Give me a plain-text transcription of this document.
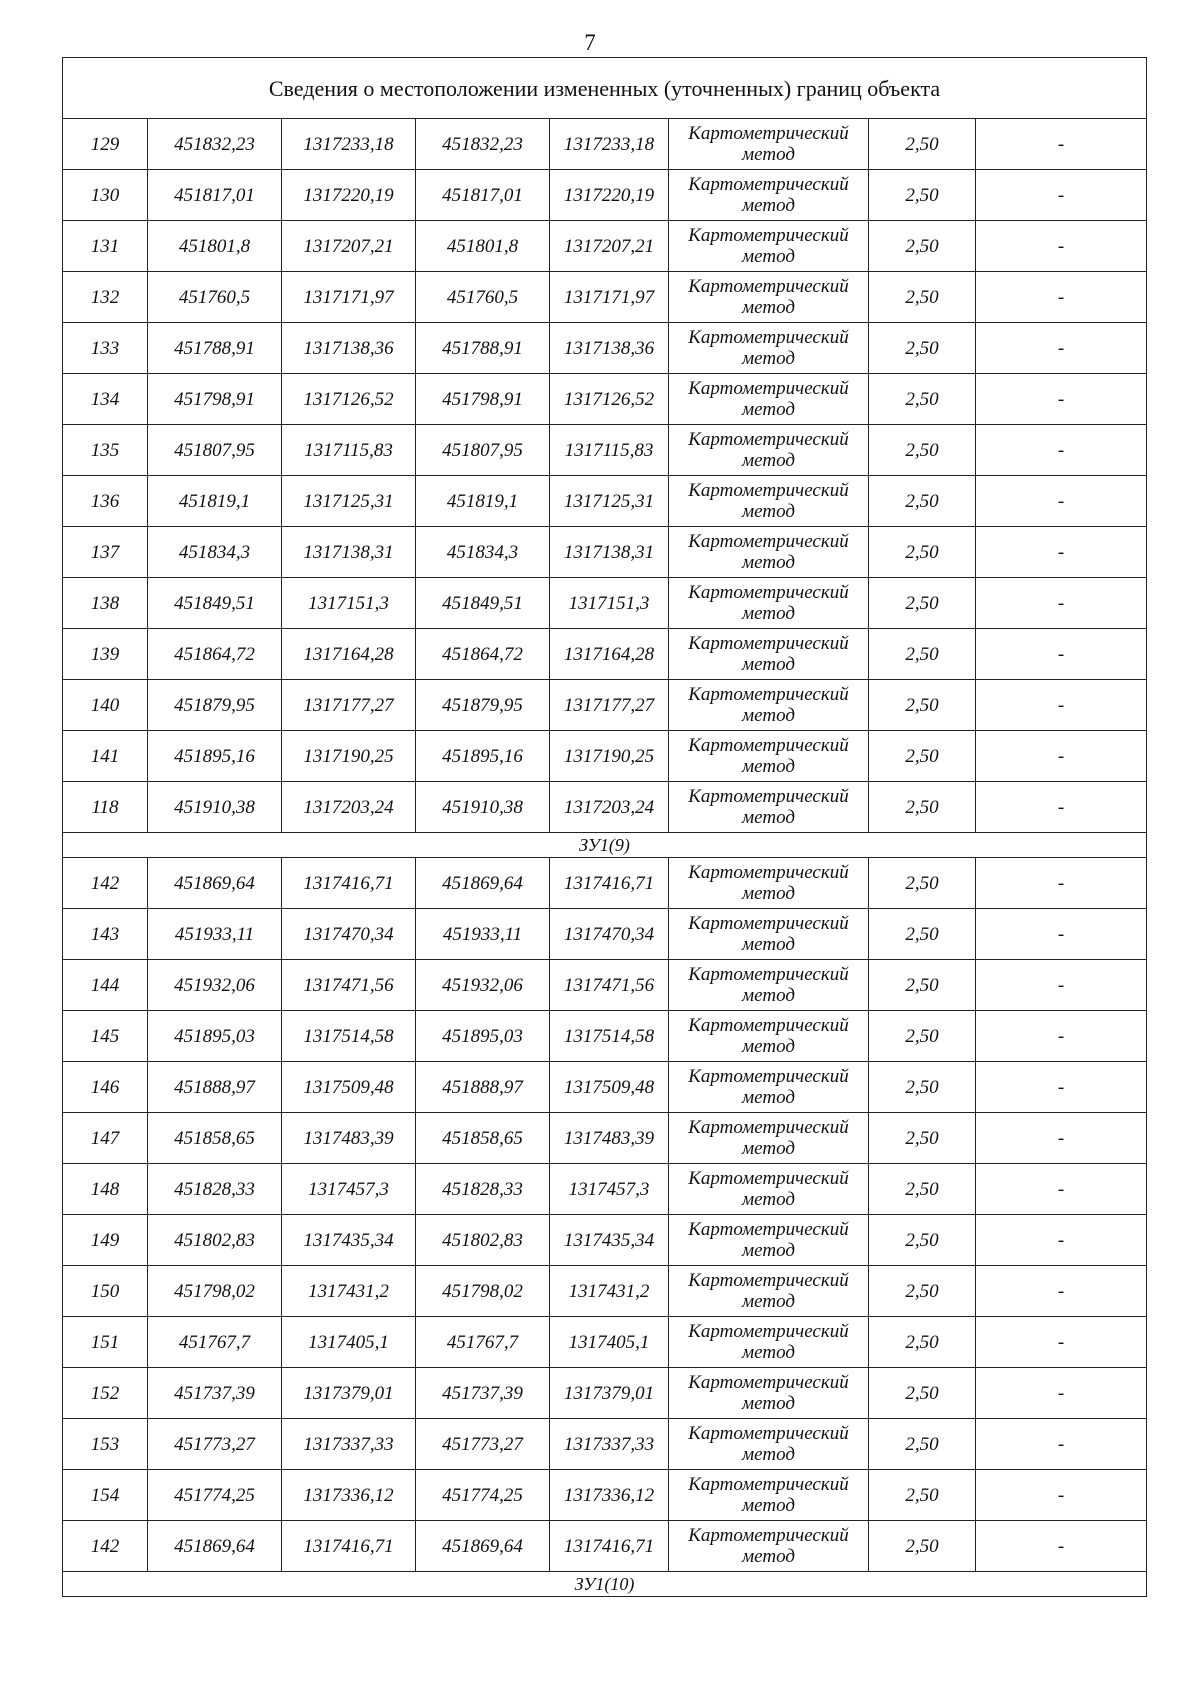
7
Сведения о местоположении измененных (уточненных) границ объекта							
129	451832,23	1317233,18	451832,23	1317233,18	Картометрический метод	2,50	-
130	451817,01	1317220,19	451817,01	1317220,19	Картометрический метод	2,50	-
131	451801,8	1317207,21	451801,8	1317207,21	Картометрический метод	2,50	-
132	451760,5	1317171,97	451760,5	1317171,97	Картометрический метод	2,50	-
133	451788,91	1317138,36	451788,91	1317138,36	Картометрический метод	2,50	-
134	451798,91	1317126,52	451798,91	1317126,52	Картометрический метод	2,50	-
135	451807,95	1317115,83	451807,95	1317115,83	Картометрический метод	2,50	-
136	451819,1	1317125,31	451819,1	1317125,31	Картометрический метод	2,50	-
137	451834,3	1317138,31	451834,3	1317138,31	Картометрический метод	2,50	-
138	451849,51	1317151,3	451849,51	1317151,3	Картометрический метод	2,50	-
139	451864,72	1317164,28	451864,72	1317164,28	Картометрический метод	2,50	-
140	451879,95	1317177,27	451879,95	1317177,27	Картометрический метод	2,50	-
141	451895,16	1317190,25	451895,16	1317190,25	Картометрический метод	2,50	-
118	451910,38	1317203,24	451910,38	1317203,24	Картометрический метод	2,50	-
ЗУ1(9)							
142	451869,64	1317416,71	451869,64	1317416,71	Картометрический метод	2,50	-
143	451933,11	1317470,34	451933,11	1317470,34	Картометрический метод	2,50	-
144	451932,06	1317471,56	451932,06	1317471,56	Картометрический метод	2,50	-
145	451895,03	1317514,58	451895,03	1317514,58	Картометрический метод	2,50	-
146	451888,97	1317509,48	451888,97	1317509,48	Картометрический метод	2,50	-
147	451858,65	1317483,39	451858,65	1317483,39	Картометрический метод	2,50	-
148	451828,33	1317457,3	451828,33	1317457,3	Картометрический метод	2,50	-
149	451802,83	1317435,34	451802,83	1317435,34	Картометрический метод	2,50	-
150	451798,02	1317431,2	451798,02	1317431,2	Картометрический метод	2,50	-
151	451767,7	1317405,1	451767,7	1317405,1	Картометрический метод	2,50	-
152	451737,39	1317379,01	451737,39	1317379,01	Картометрический метод	2,50	-
153	451773,27	1317337,33	451773,27	1317337,33	Картометрический метод	2,50	-
154	451774,25	1317336,12	451774,25	1317336,12	Картометрический метод	2,50	-
142	451869,64	1317416,71	451869,64	1317416,71	Картометрический метод	2,50	-
ЗУ1(10)							
